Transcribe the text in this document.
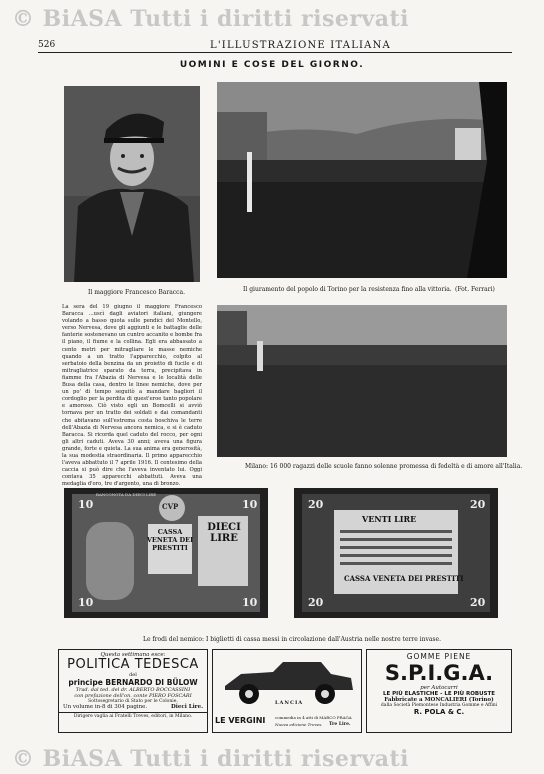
© BiASA Tutti i diritti riservati
© BiASA Tutti i diritti riservati
526	L'ILLUSTRAZIONE ITALIANA
UOMINI E COSE DEL GIORNO.
Il maggiore Francesco Baracca.	Il giuramento del popolo di Torino per la resistenza fino alla vittoria. (Fot. Ferrari)
Milano: 16 000 ragazzi delle scuole fanno solenne promessa di fedeltà e di amore all'Italia.
La sera del 19 giugno il maggiore Francesco Baracca ...uscì dagli aviatori italiani, giungere volando a basso quota sulle pendici del Montello, verso Nervesa, dove gli aggiunti e le battaglie delle fanterie sostenevano un cuntro accanito e bombe fra il piano, il fiume e la collina. Egli era abbassato a cento metri per mitragliare le masse nemiche quando a un tratto l'apparecchio, colpito al serbatoio della benzina da un proietto di fucile e di mitragliatrice sparato da terra, precipitava in fiamme fra l'Abazia di Nervesa e le località delle Busa della casa, dentro le linee nemiche, dove per un po' di tempo seguitò a mandare bagliori il cordoglio per la perdita di quest'eroe tanto popolare e amoroso. Ciò visto egli un Bomcelli si avviò tornava per un tratto dei soldati e dai comandanti che abitavano sull'estrema costa boschiva le terre dell'Abazia di Nervesa ancora nemica, e si è caduto Baracca. Si ricorda quel caduto del rocco, per ogni gli altri caduti. Aveva 30 anni; aveva una figura grande, forte e quieta. La sua anima era generosità, la sua modestia straordinaria. Il primo apparecchio l'aveva abbattuto il 7 aprile 1916. Il centesimo della caccia si può dire che l'aveva inventato lui. Oggi contava 35 apparecchi abbattuti. Aveva una medaglia d'oro, tre d'argento, una di bronzo.
10	10
10	10
CVP
CASSA VENETA DEI PRESTITI
DIECI LIRE
BANCONOTA DA DIECI LIRE
20	20
20	20
VENTI LIRE
CASSA VENETA DEI PRESTITI
Le frodi del nemico: I biglietti di cassa messi in circolazione dall'Austria nelle nostre terre invase.
Questa settimana esce:
POLITICA TEDESCA
del
principe BERNARDO DI BÜLOW
Trad. dal ted. del dr. ALBERTO BOCCASSINI
con prefazione dell'on. conte PIERO FOSCARI
Sottosegretario di Stato per le Colonie.
Un volume in-8 di 304 pagine.	Dieci Lire.
Dirigere vaglia ai Fratelli Treves, editori, in Milano.
LANCIA
LE VERGINI commedia in 4 atti di MARCO PRAGA
Nuova edizione Treves. Tre Lire.
GOMME PIENE
S.P.I.G.A.
per Autocarri
LE PIÙ ELASTICHE - LE PIÙ ROBUSTE
Fabbricate a MONCALIERI (Torino)
dalla Società Piemontese Industria Gomme e Affini
R. POLA & C.
